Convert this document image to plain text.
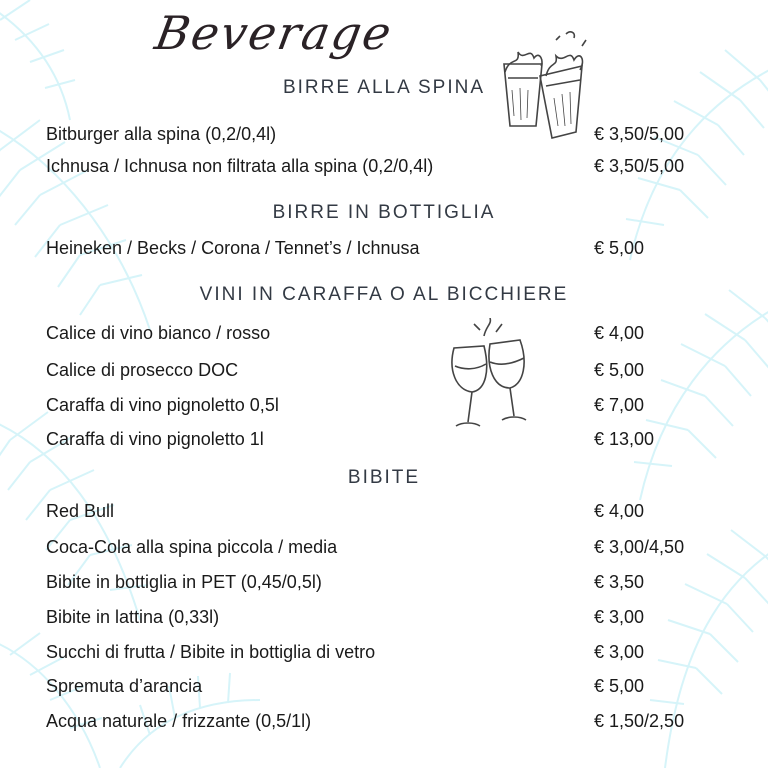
Beverage
BIRRE ALLA SPINA
Bitburger alla spina (0,2/0,4l)	€ 3,50/5,00
Ichnusa / Ichnusa non filtrata alla spina (0,2/0,4l)	€ 3,50/5,00
BIRRE IN BOTTIGLIA
Heineken / Becks / Corona / Tennet’s / Ichnusa	€ 5,00
VINI IN CARAFFA O AL BICCHIERE
Calice di vino bianco / rosso	€ 4,00
Calice di prosecco DOC	€ 5,00
Caraffa di vino pignoletto 0,5l	€ 7,00
Caraffa di vino pignoletto 1l	€ 13,00
BIBITE
Red Bull	€ 4,00
Coca-Cola alla spina piccola / media	€ 3,00/4,50
Bibite in bottiglia in PET (0,45/0,5l)	€ 3,50
Bibite in lattina (0,33l)	€ 3,00
Succhi di frutta / Bibite in bottiglia di vetro	€ 3,00
Spremuta d’arancia	€ 5,00
Acqua naturale / frizzante (0,5/1l)	€ 1,50/2,50
